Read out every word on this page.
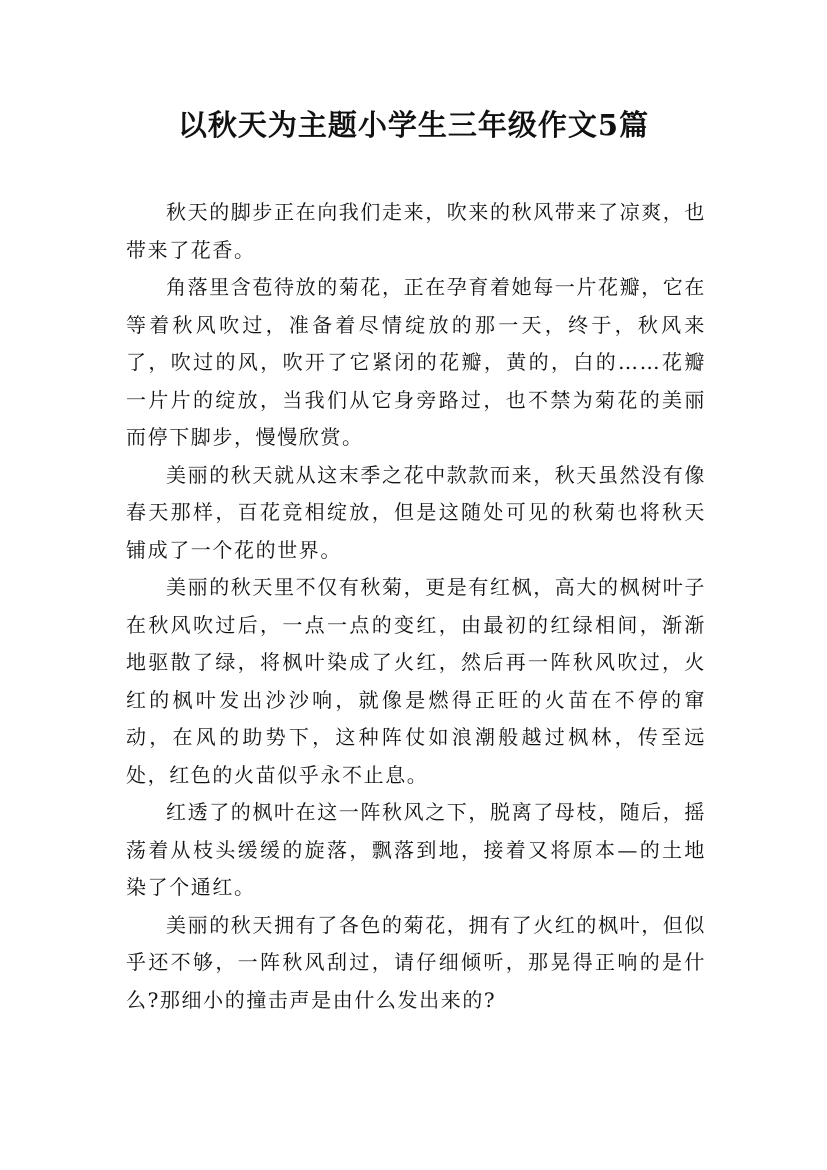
以秋天为主题小学生三年级作文5篇

秋天的脚步正在向我们走来，吹来的秋风带来了凉爽，也带来了花香。

角落里含苞待放的菊花，正在孕育着她每一片花瓣，它在等着秋风吹过，准备着尽情绽放的那一天，终于，秋风来了，吹过的风，吹开了它紧闭的花瓣，黄的，白的……花瓣一片片的绽放，当我们从它身旁路过，也不禁为菊花的美丽而停下脚步，慢慢欣赏。

美丽的秋天就从这末季之花中款款而来，秋天虽然没有像春天那样，百花竞相绽放，但是这随处可见的秋菊也将秋天铺成了一个花的世界。

美丽的秋天里不仅有秋菊，更是有红枫，高大的枫树叶子在秋风吹过后，一点一点的变红，由最初的红绿相间，渐渐地驱散了绿，将枫叶染成了火红，然后再一阵秋风吹过，火红的枫叶发出沙沙响，就像是燃得正旺的火苗在不停的窜动，在风的助势下，这种阵仗如浪潮般越过枫林，传至远处，红色的火苗似乎永不止息。

红透了的枫叶在这一阵秋风之下，脱离了母枝，随后，摇荡着从枝头缓缓的旋落，飘落到地，接着又将原本—的土地染了个通红。

美丽的秋天拥有了各色的菊花，拥有了火红的枫叶，但似乎还不够，一阵秋风刮过，请仔细倾听，那晃得正响的是什么?那细小的撞击声是由什么发出来的?
